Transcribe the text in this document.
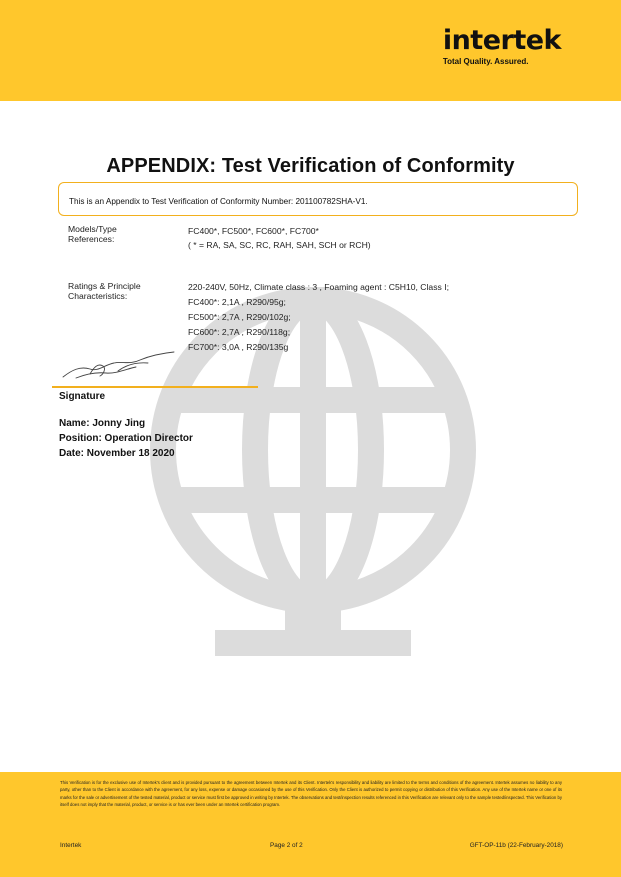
intertek
Total Quality. Assured.
APPENDIX: Test Verification of Conformity
This is an Appendix to Test Verification of Conformity Number: 201100782SHA-V1.
Models/Type
References:
FC400*, FC500*, FC600*, FC700*
( * = RA, SA, SC, RC, RAH, SAH, SCH or RCH)
Ratings & Principle
Characteristics:
220-240V, 50Hz, Climate class : 3 , Foaming agent : C5H10, Class I;
FC400*: 2,1A , R290/95g;
FC500*: 2,7A , R290/102g;
FC600*: 2,7A , R290/118g;
FC700*: 3,0A , R290/135g
Signature
Name: Jonny Jing
Position: Operation Director
Date: November 18 2020
This Verification is for the exclusive use of Intertek's client and is provided pursuant to the agreement between Intertek and its Client. Intertek's responsibility and liability are limited to the terms and conditions of the agreement. Intertek assumes no liability to any party, other than to the Client in accordance with the agreement, for any loss, expense or damage occasioned by the use of this Verification. Only the Client is authorized to permit copying or distribution of this Verification. Any use of the Intertek name or one of its marks for the sale or advertisement of the tested material, product or service must first be approved in writing by Intertek. The observations and test/inspection results referenced in this Verification are relevant only to the sample tested/inspected. This Verification by itself does not imply that the material, product, or service is or has ever been under an Intertek certification program.
Intertek	Page 2 of 2	GFT-OP-11b (22-February-2018)
